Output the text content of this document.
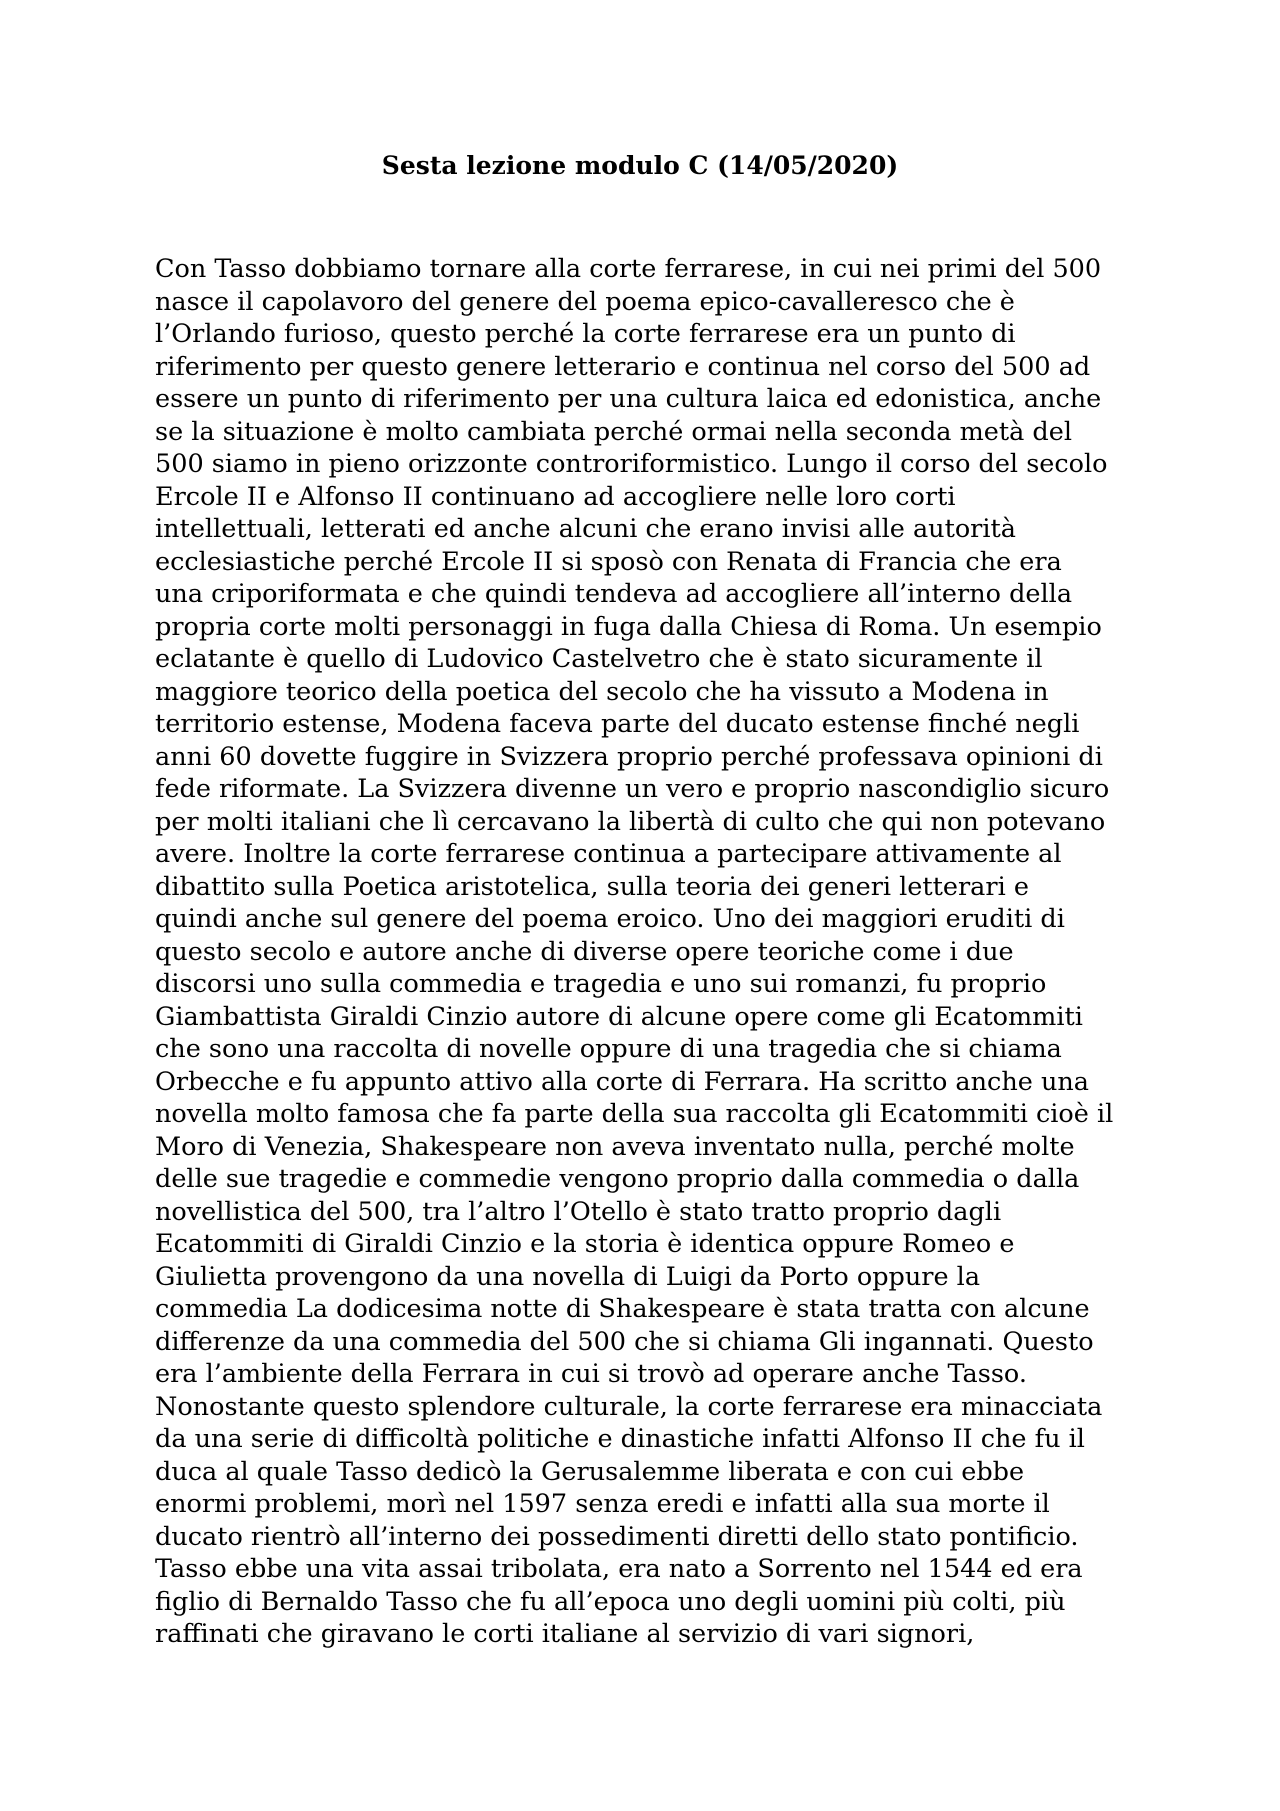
Sesta lezione modulo C (14/05/2020)
Con Tasso dobbiamo tornare alla corte ferrarese, in cui nei primi del 500
nasce il capolavoro del genere del poema epico-cavalleresco che è
l’Orlando furioso, questo perché la corte ferrarese era un punto di
riferimento per questo genere letterario e continua nel corso del 500 ad
essere un punto di riferimento per una cultura laica ed edonistica, anche
se la situazione è molto cambiata perché ormai nella seconda metà del
500 siamo in pieno orizzonte controriformistico. Lungo il corso del secolo
Ercole II e Alfonso II continuano ad accogliere nelle loro corti
intellettuali, letterati ed anche alcuni che erano invisi alle autorità
ecclesiastiche perché Ercole II si sposò con Renata di Francia che era
una criporiformata e che quindi tendeva ad accogliere all’interno della
propria corte molti personaggi in fuga dalla Chiesa di Roma. Un esempio
eclatante è quello di Ludovico Castelvetro che è stato sicuramente il
maggiore teorico della poetica del secolo che ha vissuto a Modena in
territorio estense, Modena faceva parte del ducato estense finché negli
anni 60 dovette fuggire in Svizzera proprio perché professava opinioni di
fede riformate. La Svizzera divenne un vero e proprio nascondiglio sicuro
per molti italiani che lì cercavano la libertà di culto che qui non potevano
avere. Inoltre la corte ferrarese continua a partecipare attivamente al
dibattito sulla Poetica aristotelica, sulla teoria dei generi letterari e
quindi anche sul genere del poema eroico. Uno dei maggiori eruditi di
questo secolo e autore anche di diverse opere teoriche come i due
discorsi uno sulla commedia e tragedia e uno sui romanzi, fu proprio
Giambattista Giraldi Cinzio autore di alcune opere come gli Ecatommiti
che sono una raccolta di novelle oppure di una tragedia che si chiama
Orbecche e fu appunto attivo alla corte di Ferrara. Ha scritto anche una
novella molto famosa che fa parte della sua raccolta gli Ecatommiti cioè il
Moro di Venezia, Shakespeare non aveva inventato nulla, perché molte
delle sue tragedie e commedie vengono proprio dalla commedia o dalla
novellistica del 500, tra l’altro l’Otello è stato tratto proprio dagli
Ecatommiti di Giraldi Cinzio e la storia è identica oppure Romeo e
Giulietta provengono da una novella di Luigi da Porto oppure la
commedia La dodicesima notte di Shakespeare è stata tratta con alcune
differenze da una commedia del 500 che si chiama Gli ingannati. Questo
era l’ambiente della Ferrara in cui si trovò ad operare anche Tasso.
Nonostante questo splendore culturale, la corte ferrarese era minacciata
da una serie di difficoltà politiche e dinastiche infatti Alfonso II che fu il
duca al quale Tasso dedicò la Gerusalemme liberata e con cui ebbe
enormi problemi, morì nel 1597 senza eredi e infatti alla sua morte il
ducato rientrò all’interno dei possedimenti diretti dello stato pontificio.
Tasso ebbe una vita assai tribolata, era nato a Sorrento nel 1544 ed era
figlio di Bernaldo Tasso che fu all’epoca uno degli uomini più colti, più
raffinati che giravano le corti italiane al servizio di vari signori,
